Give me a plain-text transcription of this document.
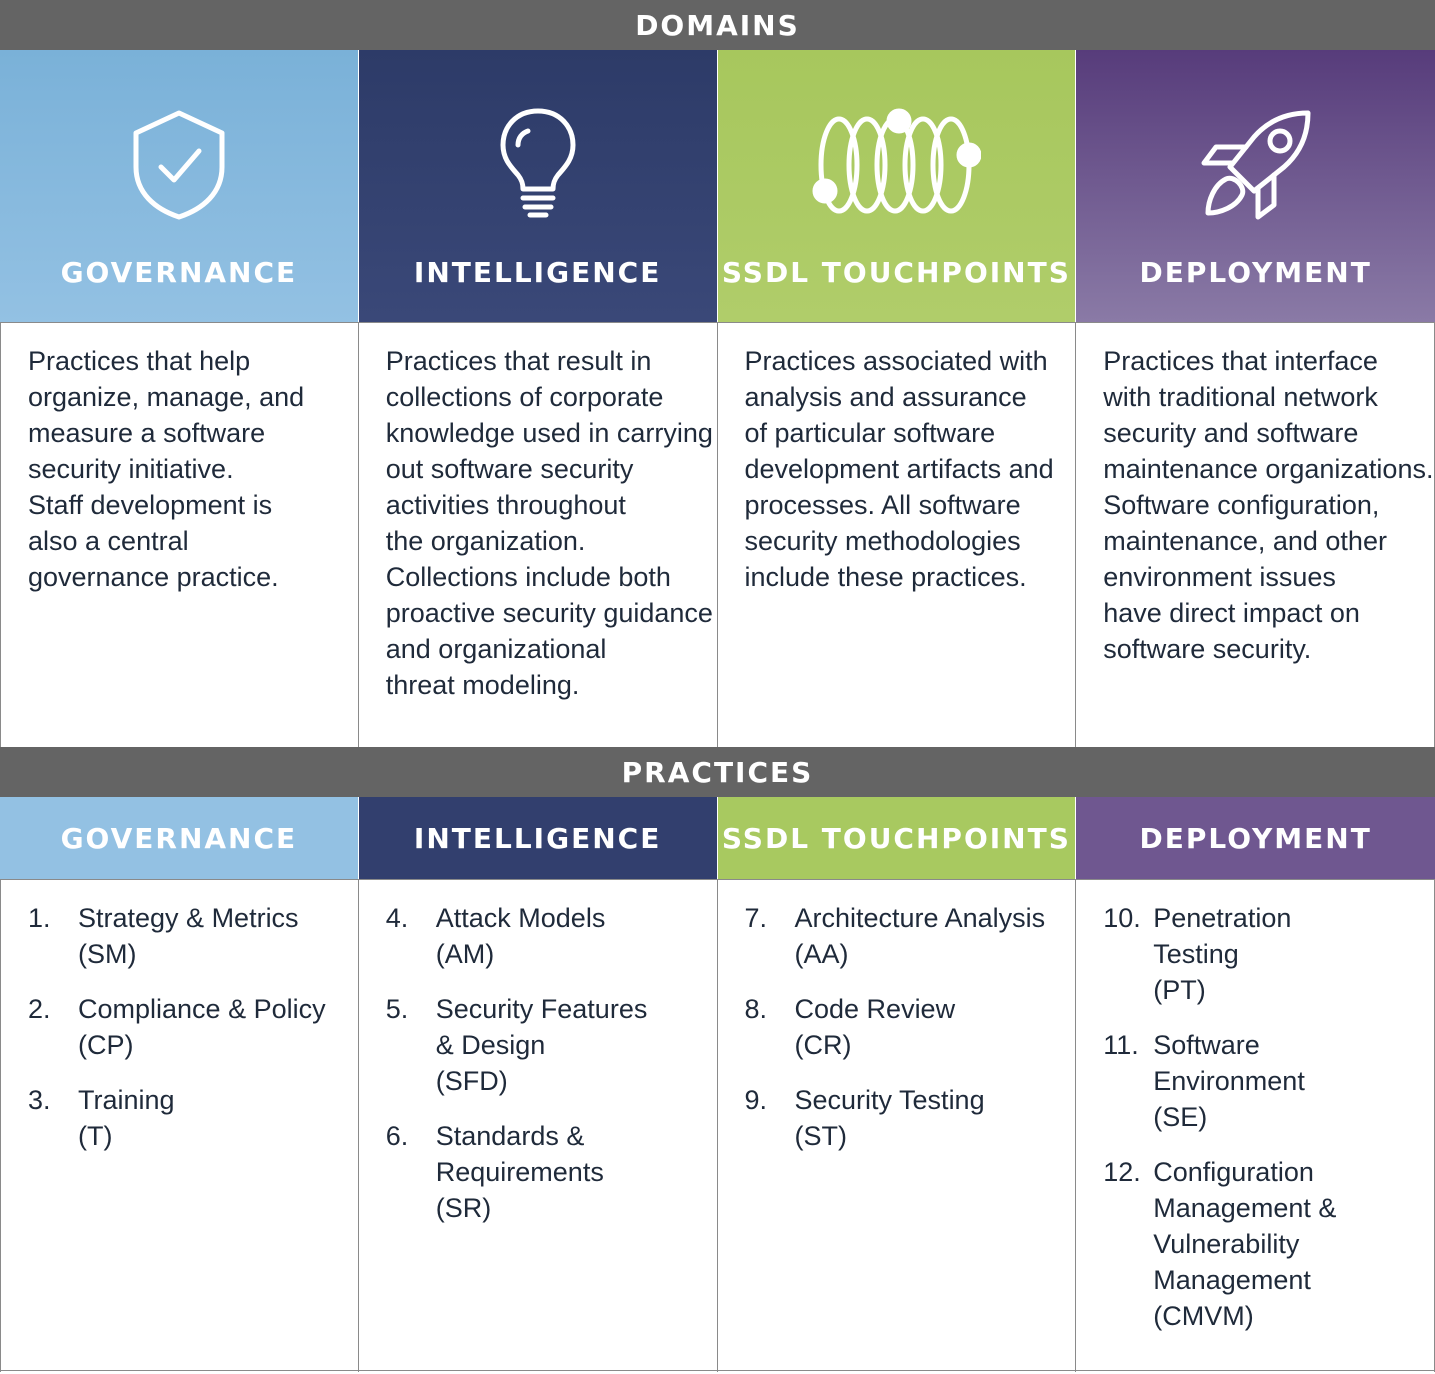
DOMAINS
GOVERNANCE	INTELLIGENCE	SSDL TOUCHPOINTS	DEPLOYMENT

Practices that help
organize, manage, and
measure a software
security initiative.
Staff development is
also a central
governance practice.

Practices that result in
collections of corporate
knowledge used in carrying
out software security
activities throughout
the organization.
Collections include both
proactive security guidance
and organizational
threat modeling.

Practices associated with
analysis and assurance
of particular software
development artifacts and
processes. All software
security methodologies
include these practices.

Practices that interface
with traditional network
security and software
maintenance organizations.
Software configuration,
maintenance, and other
environment issues
have direct impact on
software security.

PRACTICES
GOVERNANCE	INTELLIGENCE	SSDL TOUCHPOINTS	DEPLOYMENT
1.	Strategy & Metrics
(SM)
2.	Compliance & Policy
(CP)
3.	Training
(T)
4.	Attack Models
(AM)
5.	Security Features
& Design
(SFD)
6.	Standards &
Requirements
(SR)
7.	Architecture Analysis
(AA)
8.	Code Review
(CR)
9.	Security Testing
(ST)
10. Penetration
Testing
(PT)
11. Software
Environment
(SE)
12. Configuration
Management &
Vulnerability
Management
(CMVM)
